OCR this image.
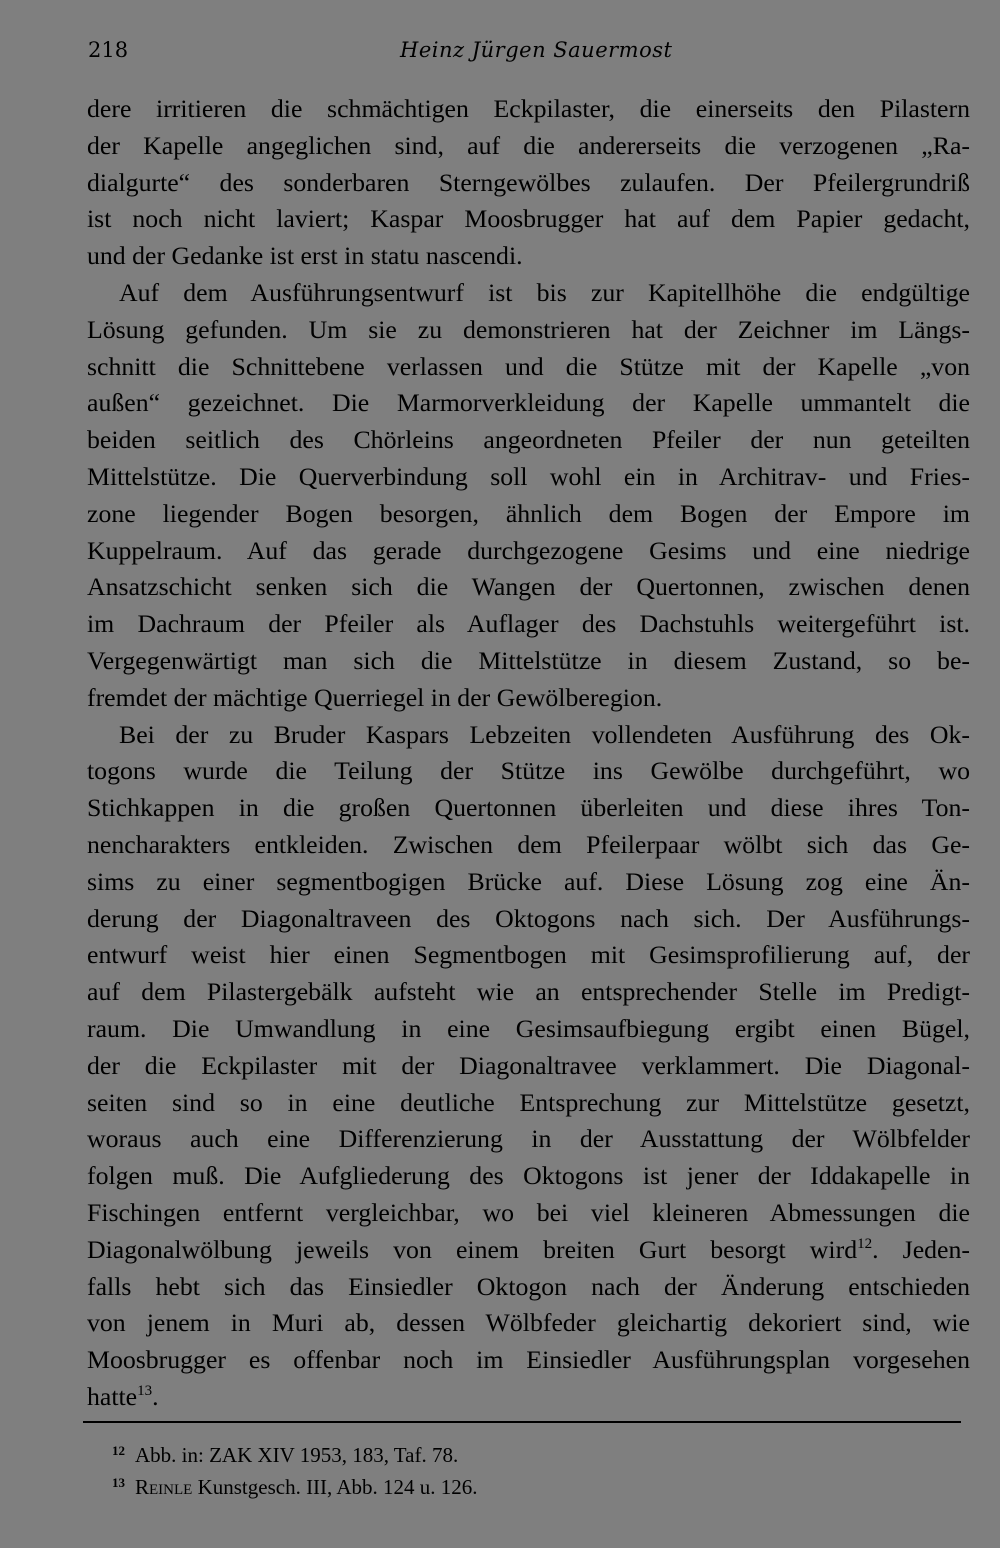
218	Heinz Jürgen Sauermost
dere irritieren die schmächtigen Eckpilaster, die einerseits den Pilastern
der Kapelle angeglichen sind, auf die andererseits die verzogenen „Ra-
dialgurte“ des sonderbaren Sterngewölbes zulaufen. Der Pfeilergrundriß
ist noch nicht laviert; Kaspar Moosbrugger hat auf dem Papier gedacht,
und der Gedanke ist erst in statu nascendi.
Auf dem Ausführungsentwurf ist bis zur Kapitellhöhe die endgültige
Lösung gefunden. Um sie zu demonstrieren hat der Zeichner im Längs-
schnitt die Schnittebene verlassen und die Stütze mit der Kapelle „von
außen“ gezeichnet. Die Marmorverkleidung der Kapelle ummantelt die
beiden seitlich des Chörleins angeordneten Pfeiler der nun geteilten
Mittelstütze. Die Querverbindung soll wohl ein in Architrav- und Fries-
zone liegender Bogen besorgen, ähnlich dem Bogen der Empore im
Kuppelraum. Auf das gerade durchgezogene Gesims und eine niedrige
Ansatzschicht senken sich die Wangen der Quertonnen, zwischen denen
im Dachraum der Pfeiler als Auflager des Dachstuhls weitergeführt ist.
Vergegenwärtigt man sich die Mittelstütze in diesem Zustand, so be-
fremdet der mächtige Querriegel in der Gewölberegion.
Bei der zu Bruder Kaspars Lebzeiten vollendeten Ausführung des Ok-
togons wurde die Teilung der Stütze ins Gewölbe durchgeführt, wo
Stichkappen in die großen Quertonnen überleiten und diese ihres Ton-
nencharakters entkleiden. Zwischen dem Pfeilerpaar wölbt sich das Ge-
sims zu einer segmentbogigen Brücke auf. Diese Lösung zog eine Än-
derung der Diagonaltraveen des Oktogons nach sich. Der Ausführungs-
entwurf weist hier einen Segmentbogen mit Gesimsprofilierung auf, der
auf dem Pilastergebälk aufsteht wie an entsprechender Stelle im Predigt-
raum. Die Umwandlung in eine Gesimsaufbiegung ergibt einen Bügel,
der die Eckpilaster mit der Diagonaltravee verklammert. Die Diagonal-
seiten sind so in eine deutliche Entsprechung zur Mittelstütze gesetzt,
woraus auch eine Differenzierung in der Ausstattung der Wölbfelder
folgen muß. Die Aufgliederung des Oktogons ist jener der Iddakapelle in
Fischingen entfernt vergleichbar, wo bei viel kleineren Abmessungen die
Diagonalwölbung jeweils von einem breiten Gurt besorgt wird$^{12}$. Jeden-
falls hebt sich das Einsiedler Oktogon nach der Änderung entschieden
von jenem in Muri ab, dessen Wölbfeder gleichartig dekoriert sind, wie
Moosbrugger es offenbar noch im Einsiedler Ausführungsplan vorgesehen
hatte$^{13}$.
$^{12}$ Abb. in: ZAK XIV 1953, 183, Taf. 78.
$^{13}$ Reinle Kunstgesch. III, Abb. 124 u. 126.
